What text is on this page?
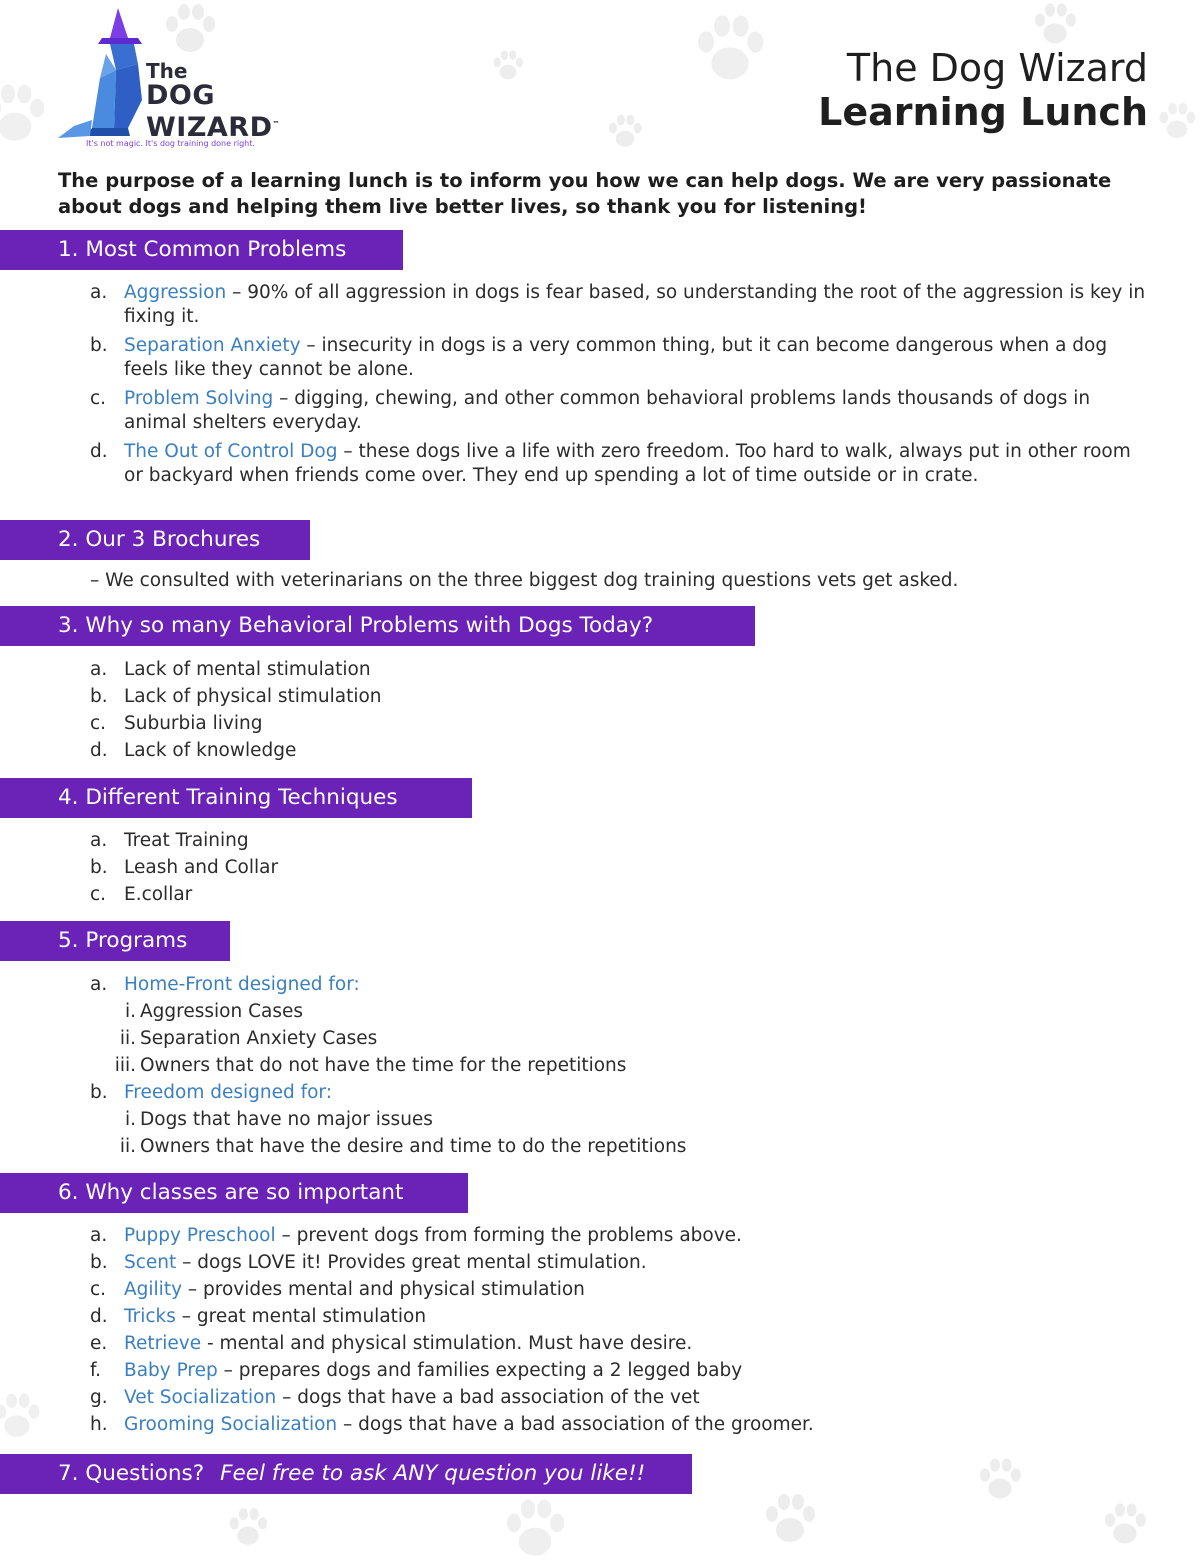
The
DOG
WIZARD™
It's not magic. It's dog training done right.
The Dog Wizard
Learning Lunch
The purpose of a learning lunch is to inform you how we can help dogs. We are very passionate about dogs and helping them live better lives, so thank you for listening!
1. Most Common Problems
a. Aggression – 90% of all aggression in dogs is fear based, so understanding the root of the aggression is key in fixing it.
b. Separation Anxiety – insecurity in dogs is a very common thing, but it can become dangerous when a dog feels like they cannot be alone.
c. Problem Solving – digging, chewing, and other common behavioral problems lands thousands of dogs in animal shelters everyday.
d. The Out of Control Dog – these dogs live a life with zero freedom. Too hard to walk, always put in other room or backyard when friends come over. They end up spending a lot of time outside or in crate.
2. Our 3 Brochures
– We consulted with veterinarians on the three biggest dog training questions vets get asked.
3. Why so many Behavioral Problems with Dogs Today?
a. Lack of mental stimulation
b. Lack of physical stimulation
c. Suburbia living
d. Lack of knowledge
4. Different Training Techniques
a. Treat Training
b. Leash and Collar
c. E.collar
5. Programs
a. Home-Front designed for:
i. Aggression Cases
ii. Separation Anxiety Cases
iii. Owners that do not have the time for the repetitions
b. Freedom designed for:
i. Dogs that have no major issues
ii. Owners that have the desire and time to do the repetitions
6. Why classes are so important
a. Puppy Preschool – prevent dogs from forming the problems above.
b. Scent – dogs LOVE it! Provides great mental stimulation.
c. Agility – provides mental and physical stimulation
d. Tricks – great mental stimulation
e. Retrieve - mental and physical stimulation. Must have desire.
f.	Baby Prep – prepares dogs and families expecting a 2 legged baby
g. Vet Socialization – dogs that have a bad association of the vet
h. Grooming Socialization – dogs that have a bad association of the groomer.
7. Questions? Feel free to ask ANY question you like!!
